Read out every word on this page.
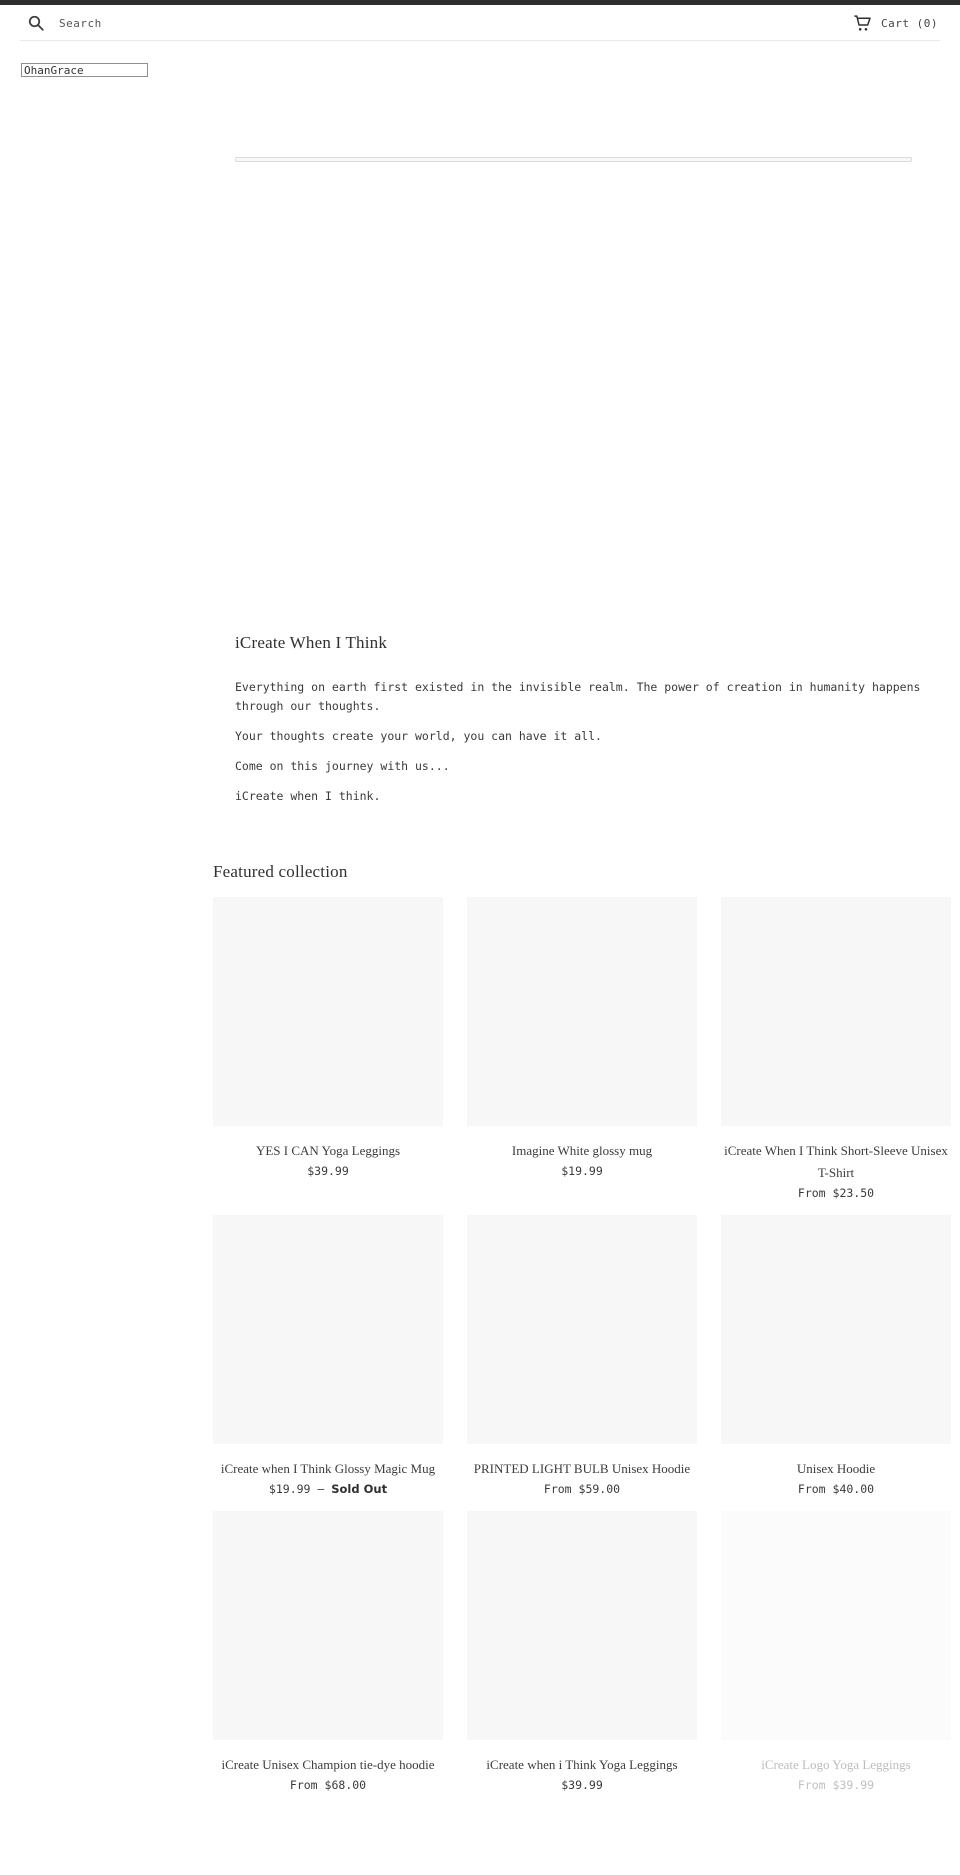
Search	Cart (0)
OhanGrace
iCreate When I Think

Everything on earth first existed in the invisible realm. The power of creation in humanity happens through our thoughts.

Your thoughts create your world, you can have it all.

Come on this journey with us...

iCreate when I think.

Featured collection
YES I CAN Yoga Leggings
$39.99
Imagine White glossy mug
$19.99
iCreate When I Think Short-Sleeve Unisex T-Shirt
From $23.50
iCreate when I Think Glossy Magic Mug
$19.99 — Sold Out
PRINTED LIGHT BULB Unisex Hoodie
From $59.00
Unisex Hoodie
From $40.00
iCreate Unisex Champion tie-dye hoodie
From $68.00
iCreate when i Think Yoga Leggings
$39.99
iCreate Logo Yoga Leggings
From $39.99
